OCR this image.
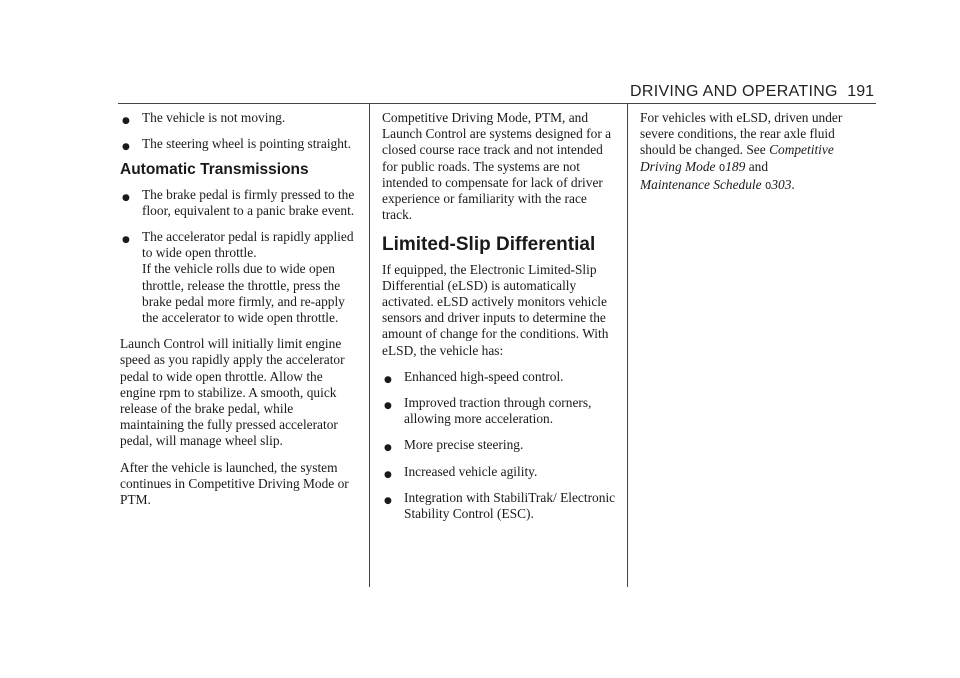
DRIVING AND OPERATING 191
● The vehicle is not moving.
● The steering wheel is pointing straight.
Automatic Transmissions
● The brake pedal is firmly pressed to the floor, equivalent to a panic brake event.
● The accelerator pedal is rapidly applied to wide open throttle.
If the vehicle rolls due to wide open throttle, release the throttle, press the brake pedal more firmly, and re-apply the accelerator to wide open throttle.

Launch Control will initially limit engine speed as you rapidly apply the accelerator pedal to wide open throttle. Allow the engine rpm to stabilize. A smooth, quick release of the brake pedal, while maintaining the fully pressed accelerator pedal, will manage wheel slip.

After the vehicle is launched, the system continues in Competitive Driving Mode or PTM.

Competitive Driving Mode, PTM, and Launch Control are systems designed for a closed course race track and not intended for public roads. The systems are not intended to compensate for lack of driver experience or familiarity with the race track.

Limited-Slip Differential

If equipped, the Electronic Limited-Slip Differential (eLSD) is automatically activated. eLSD actively monitors vehicle sensors and driver inputs to determine the amount of change for the conditions. With eLSD, the vehicle has:

● Enhanced high-speed control.
● Improved traction through corners, allowing more acceleration.
● More precise steering.
● Increased vehicle agility.
● Integration with StabiliTrak/ Electronic Stability Control (ESC).

For vehicles with eLSD, driven under severe conditions, the rear axle fluid should be changed. See Competitive Driving Mode 0189 and
Maintenance Schedule 0303.
